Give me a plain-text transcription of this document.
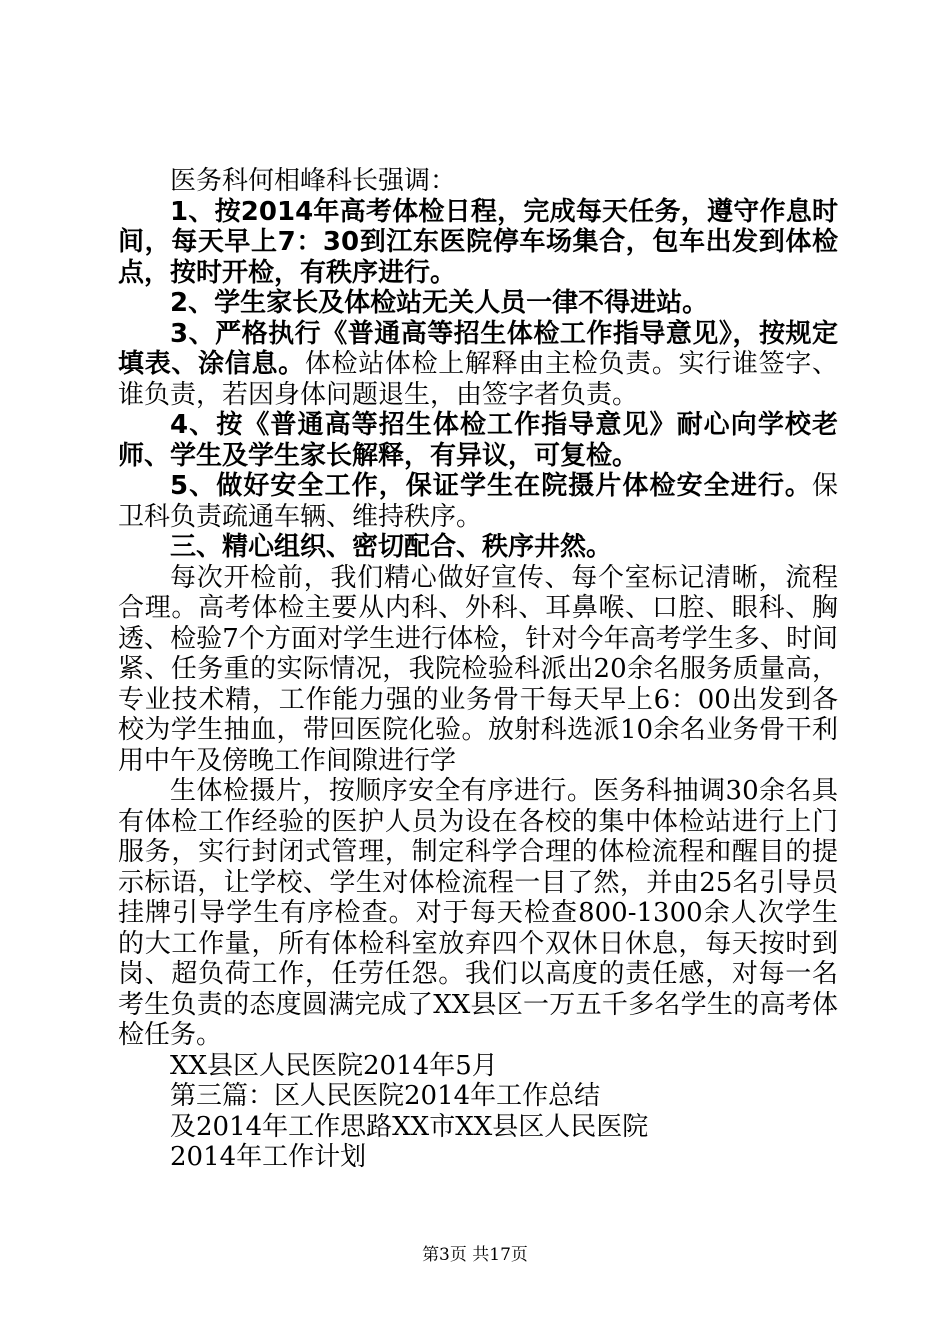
医务科何相峰科长强调：

1、按2014年高考体检日程，完成每天任务，遵守作息时间，每天早上7：30到江东医院停车场集合，包车出发到体检点，按时开检，有秩序进行。

2、学生家长及体检站无关人员一律不得进站。

3、严格执行《普通高等招生体检工作指导意见》，按规定填表、涂信息。体检站体检上解释由主检负责。实行谁签字、谁负责，若因身体问题退生，由签字者负责。

4、按《普通高等招生体检工作指导意见》耐心向学校老师、学生及学生家长解释，有异议，可复检。

5、做好安全工作，保证学生在院摄片体检安全进行。保卫科负责疏通车辆、维持秩序。

三、精心组织、密切配合、秩序井然。

每次开检前，我们精心做好宣传、每个室标记清晰，流程合理。高考体检主要从内科、外科、耳鼻喉、口腔、眼科、胸透、检验7个方面对学生进行体检，针对今年高考学生多、时间紧、任务重的实际情况，我院检验科派出20余名服务质量高，专业技术精，工作能力强的业务骨干每天早上6：00出发到各校为学生抽血，带回医院化验。放射科选派10余名业务骨干利用中午及傍晚工作间隙进行学

生体检摄片，按顺序安全有序进行。医务科抽调30余名具有体检工作经验的医护人员为设在各校的集中体检站进行上门服务，实行封闭式管理，制定科学合理的体检流程和醒目的提示标语，让学校、学生对体检流程一目了然，并由25名引导员挂牌引导学生有序检查。对于每天检查800-1300余人次学生的大工作量，所有体检科室放弃四个双休日休息，每天按时到岗、超负荷工作，任劳任怨。我们以高度的责任感，对每一名考生负责的态度圆满完成了XX县区一万五千多名学生的高考体检任务。

XX县区人民医院2014年5月

第三篇：区人民医院2014年工作总结

及2014年工作思路XX市XX县区人民医院

2014年工作计划

第3页 共17页
